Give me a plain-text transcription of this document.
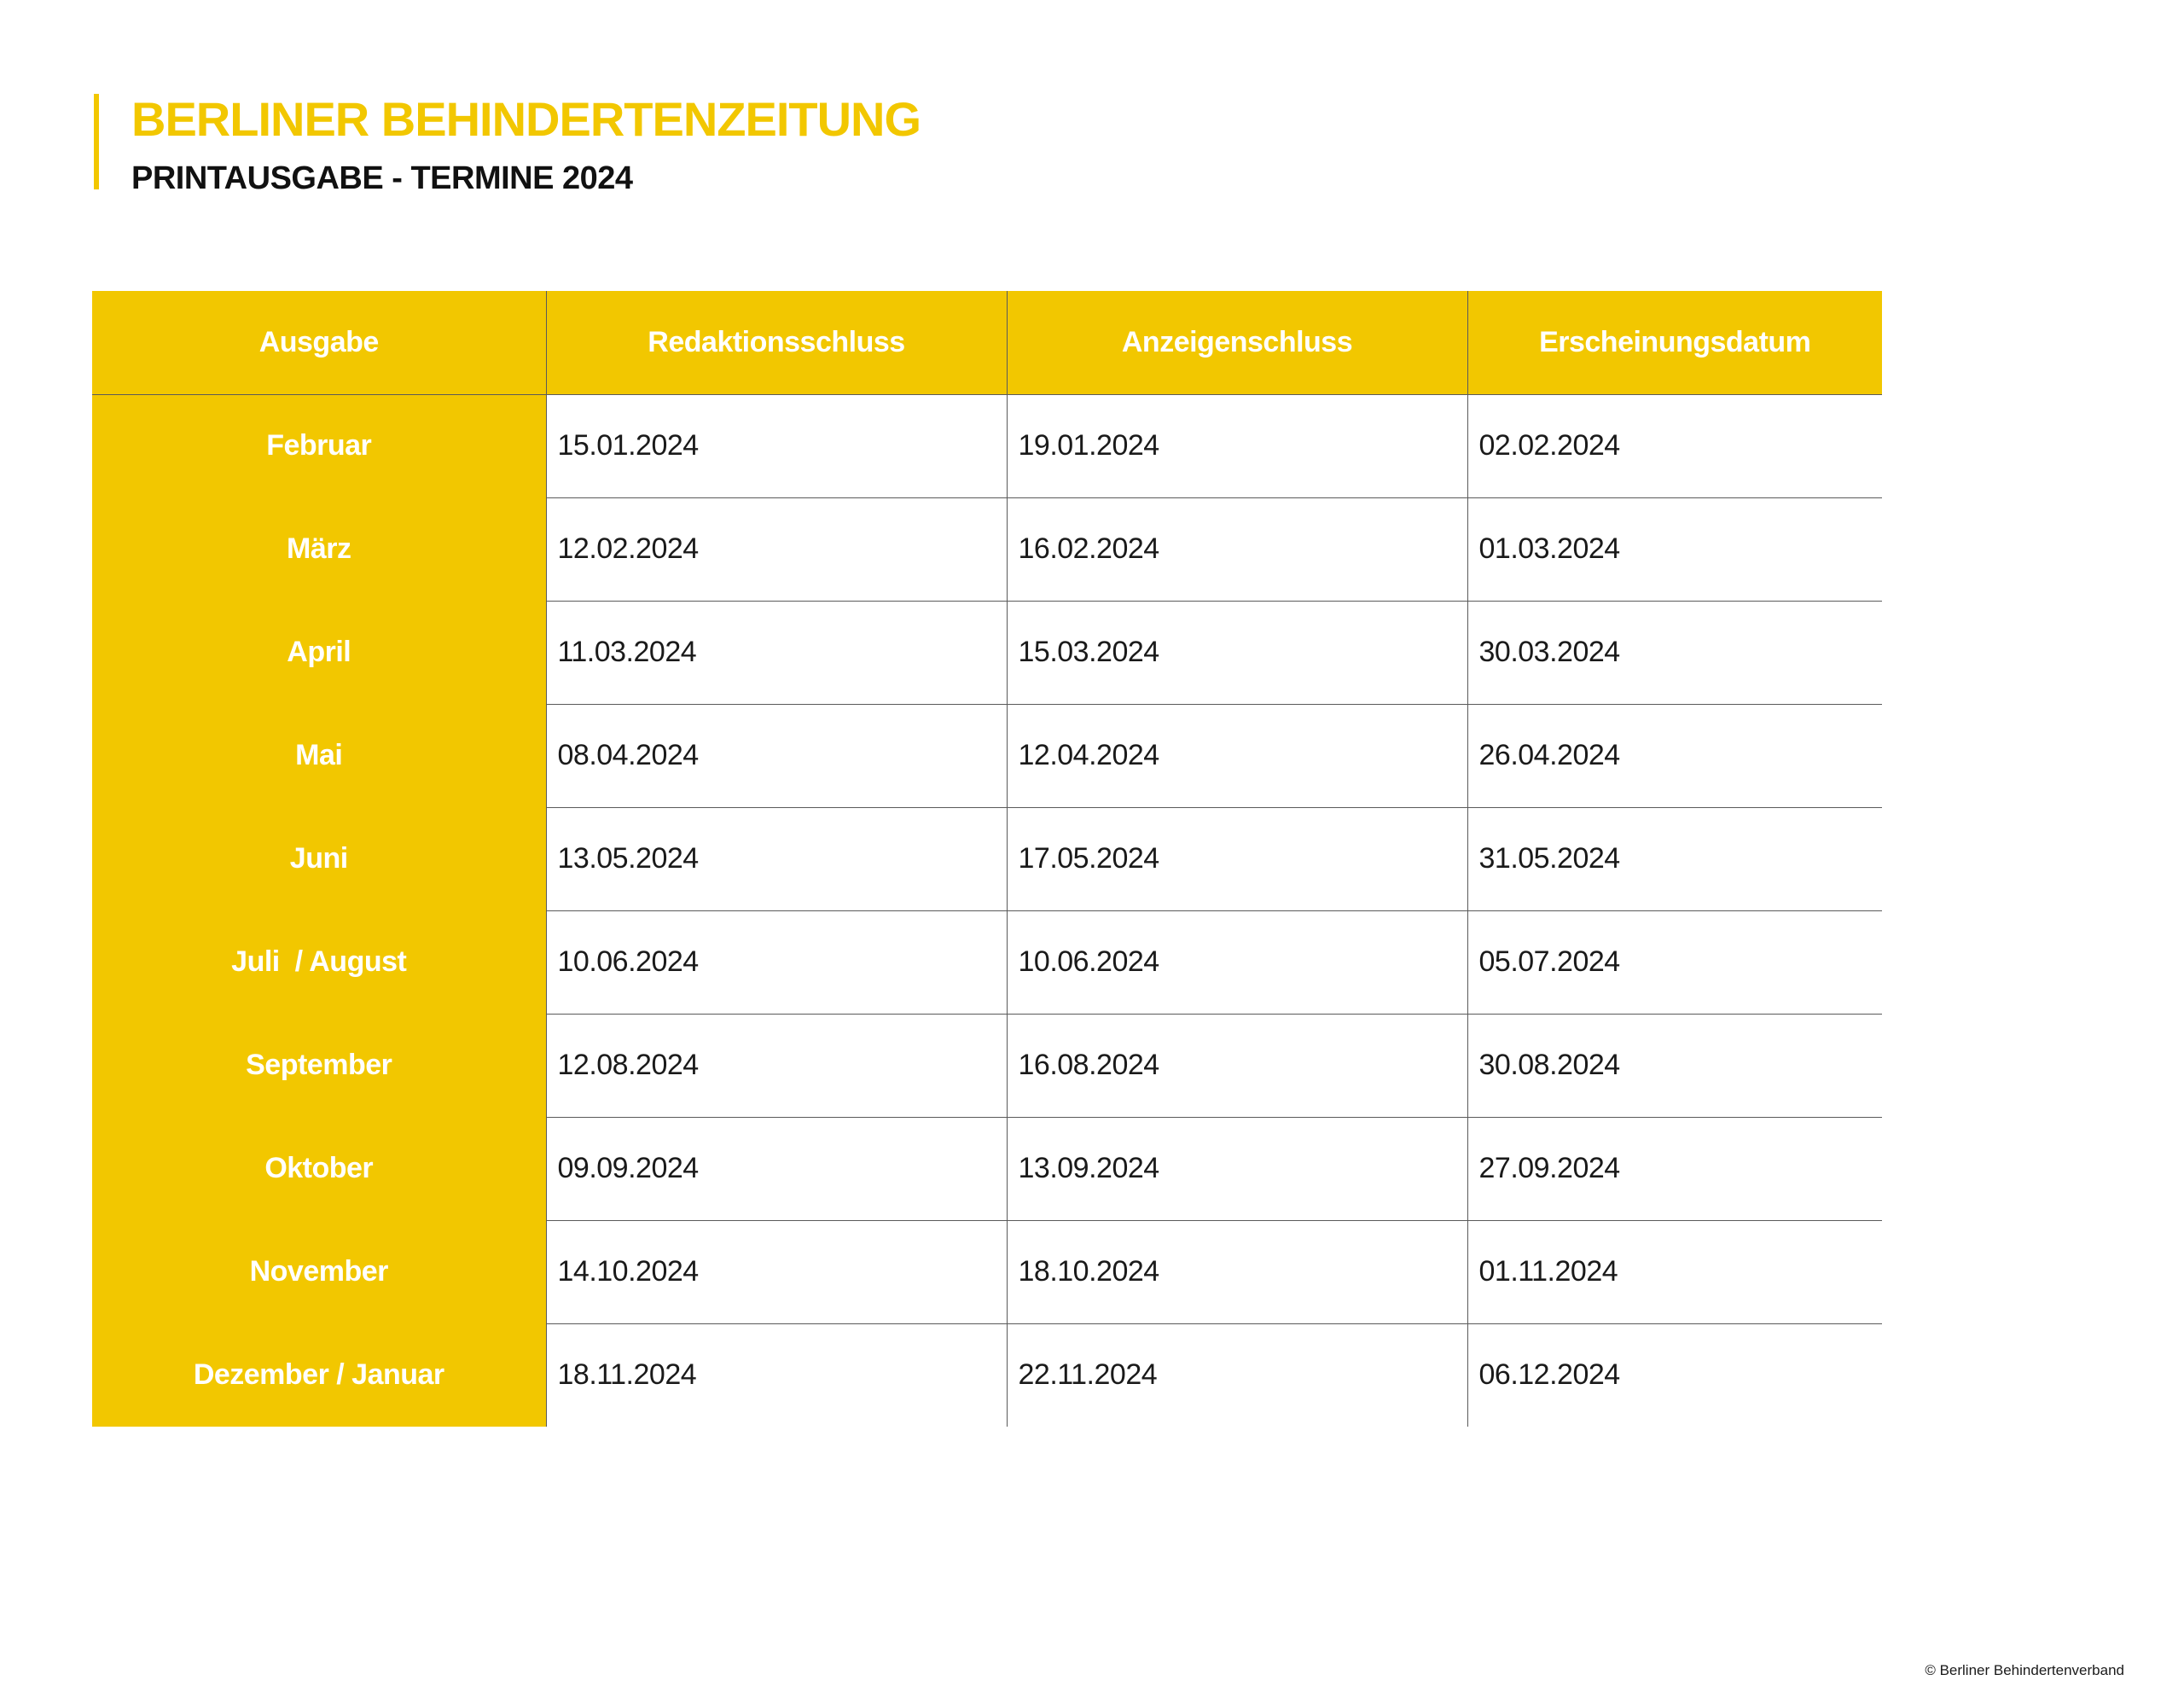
BERLINER BEHINDERTENZEITUNG
PRINTAUSGABE - TERMINE 2024
Ausgabe	Redaktionsschluss	Anzeigenschluss	Erscheinungsdatum
Februar	15.01.2024	19.01.2024	02.02.2024
März	12.02.2024	16.02.2024	01.03.2024
April	11.03.2024	15.03.2024	30.03.2024
Mai	08.04.2024	12.04.2024	26.04.2024
Juni	13.05.2024	17.05.2024	31.05.2024
Juli  / August	10.06.2024	10.06.2024	05.07.2024
September	12.08.2024	16.08.2024	30.08.2024
Oktober	09.09.2024	13.09.2024	27.09.2024
November	14.10.2024	18.10.2024	01.11.2024
Dezember / Januar	18.11.2024	22.11.2024	06.12.2024
© Berliner Behindertenverband
